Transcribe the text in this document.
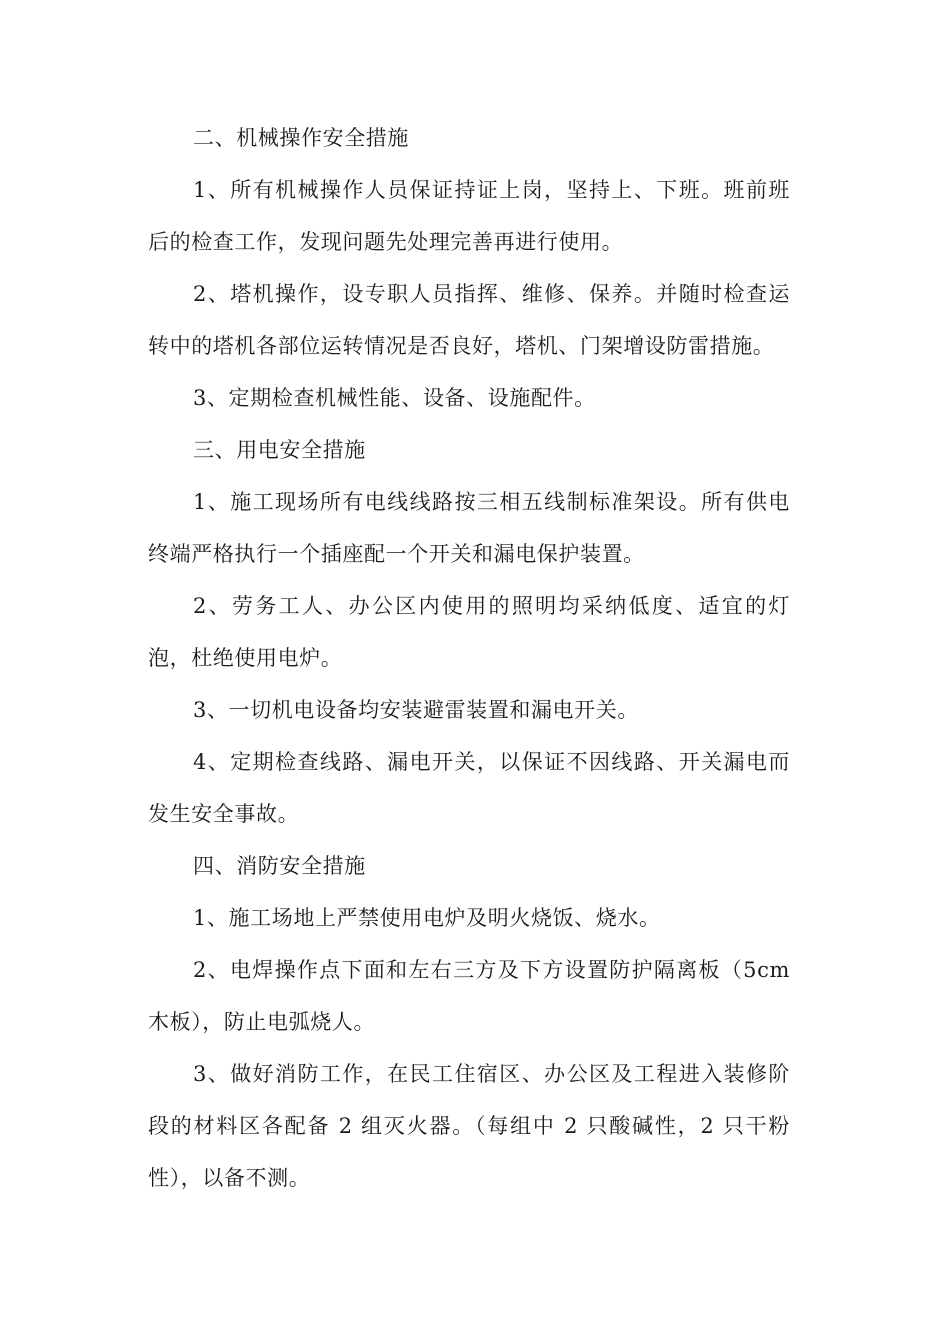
二、机械操作安全措施

1、所有机械操作人员保证持证上岗，坚持上、下班。班前班后的检查工作，发现问题先处理完善再进行使用。

2、塔机操作，设专职人员指挥、维修、保养。并随时检查运转中的塔机各部位运转情况是否良好，塔机、门架增设防雷措施。

3、定期检查机械性能、设备、设施配件。

三、用电安全措施

1、施工现场所有电线线路按三相五线制标准架设。所有供电终端严格执行一个插座配一个开关和漏电保护装置。

2、劳务工人、办公区内使用的照明均采纳低度、适宜的灯泡，杜绝使用电炉。

3、一切机电设备均安装避雷装置和漏电开关。

4、定期检查线路、漏电开关，以保证不因线路、开关漏电而发生安全事故。

四、消防安全措施

1、施工场地上严禁使用电炉及明火烧饭、烧水。

2、电焊操作点下面和左右三方及下方设置防护隔离板（5cm 木板），防止电弧烧人。

3、做好消防工作，在民工住宿区、办公区及工程进入装修阶段的材料区各配备 2 组灭火器。（每组中 2 只酸碱性，2 只干粉性），以备不测。
